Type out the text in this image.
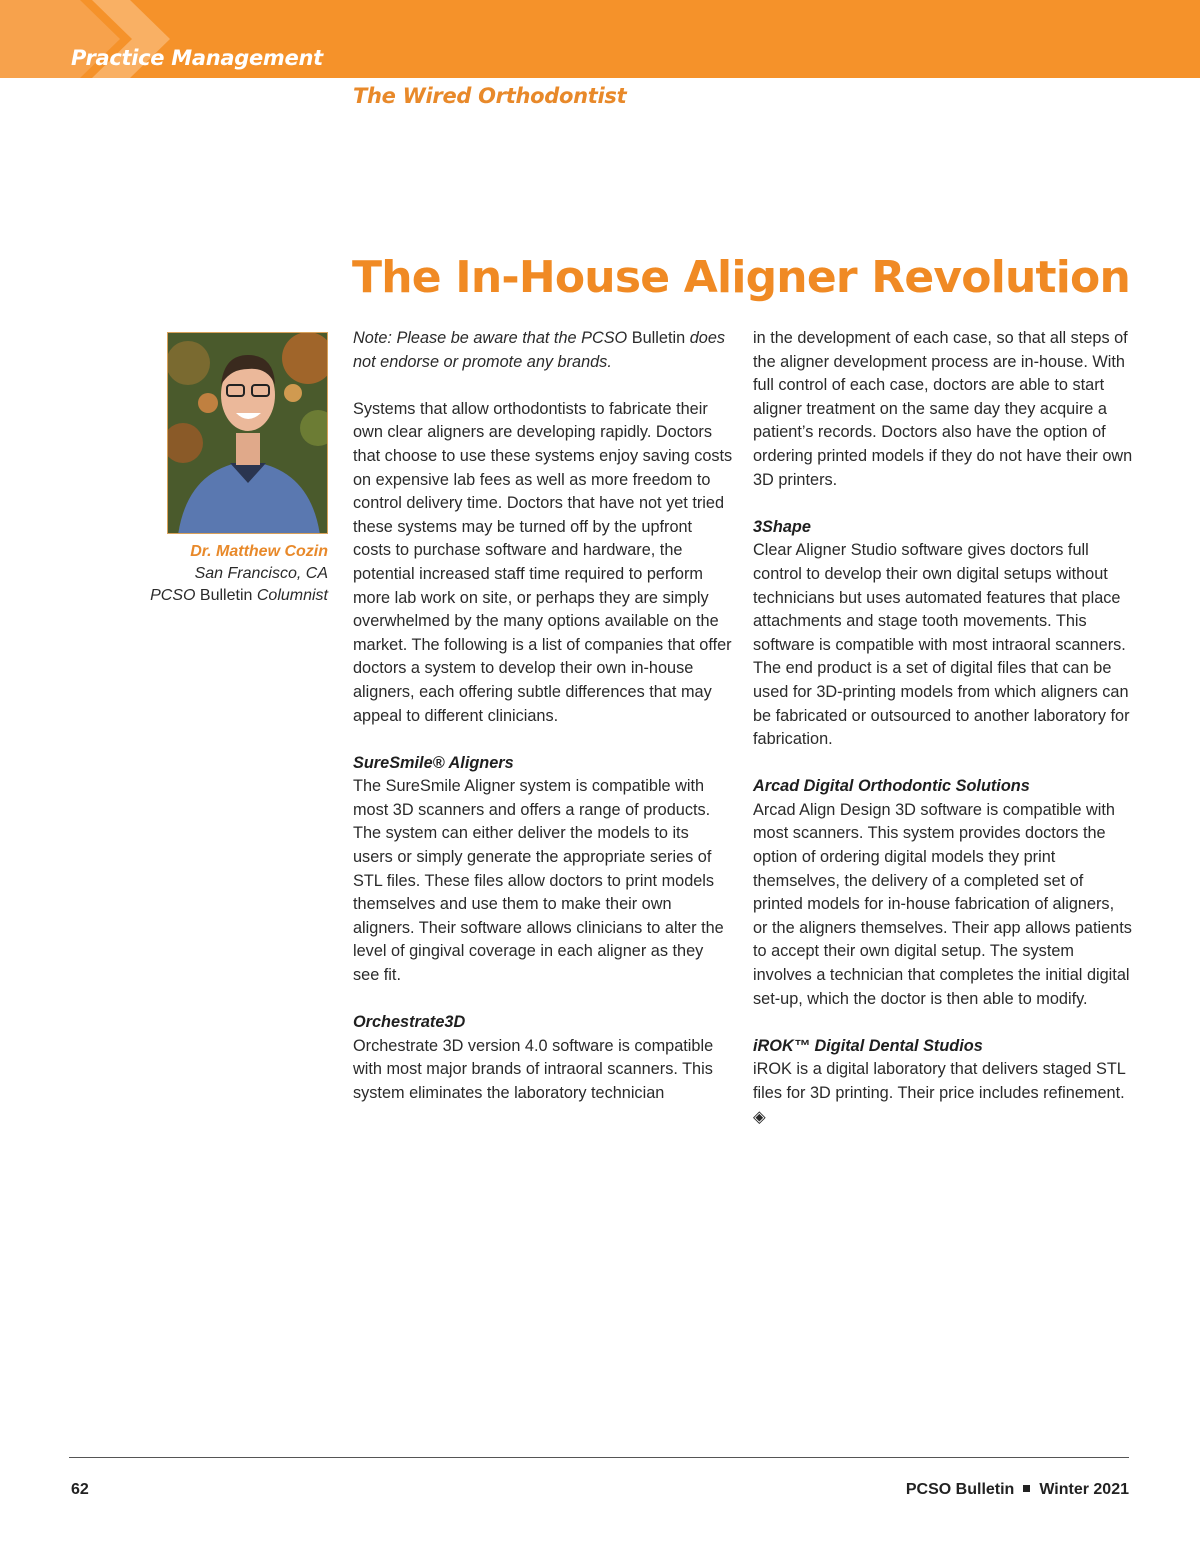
Practice Management
The Wired Orthodontist
The In-House Aligner Revolution
Dr. Matthew Cozin
San Francisco, CA
PCSO Bulletin Columnist

Note: Please be aware that the PCSO Bulletin does not endorse or promote any brands.

Systems that allow orthodontists to fabricate their own clear aligners are developing rapidly. Doctors that choose to use these systems enjoy saving costs on expensive lab fees as well as more freedom to control delivery time. Doctors that have not yet tried these systems may be turned off by the upfront costs to purchase software and hardware, the potential increased staff time required to perform more lab work on site, or perhaps they are simply overwhelmed by the many options available on the market. The following is a list of companies that offer doctors a system to develop their own in-house aligners, each offering subtle differences that may appeal to different clinicians.

SureSmile® Aligners

The SureSmile Aligner system is compatible with most 3D scanners and offers a range of products. The system can either deliver the models to its users or simply generate the appropriate series of STL files. These files allow doctors to print models themselves and use them to make their own aligners. Their software allows clinicians to alter the level of gingival coverage in each aligner as they see fit.

Orchestrate3D

Orchestrate 3D version 4.0 software is compatible with most major brands of intraoral scanners. This system eliminates the laboratory technician

in the development of each case, so that all steps of the aligner development process are in-house. With full control of each case, doctors are able to start aligner treatment on the same day they acquire a patient’s records. Doctors also have the option of ordering printed models if they do not have their own 3D printers.

3Shape

Clear Aligner Studio software gives doctors full control to develop their own digital setups without technicians but uses automated features that place attachments and stage tooth movements. This software is compatible with most intraoral scanners. The end product is a set of digital files that can be used for 3D-printing models from which aligners can be fabricated or outsourced to another laboratory for fabrication.

Arcad Digital Orthodontic Solutions

Arcad Align Design 3D software is compatible with most scanners. This system provides doctors the option of ordering digital models they print themselves, the delivery of a completed set of printed models for in-house fabrication of aligners, or the aligners themselves. Their app allows patients to accept their own digital setup. The system involves a technician that completes the initial digital set-up, which the doctor is then able to modify.

iROK™ Digital Dental Studios

iROK is a digital laboratory that delivers staged STL files for 3D printing. Their price includes refinement. ◈

62	PCSO Bulletin Winter 2021
